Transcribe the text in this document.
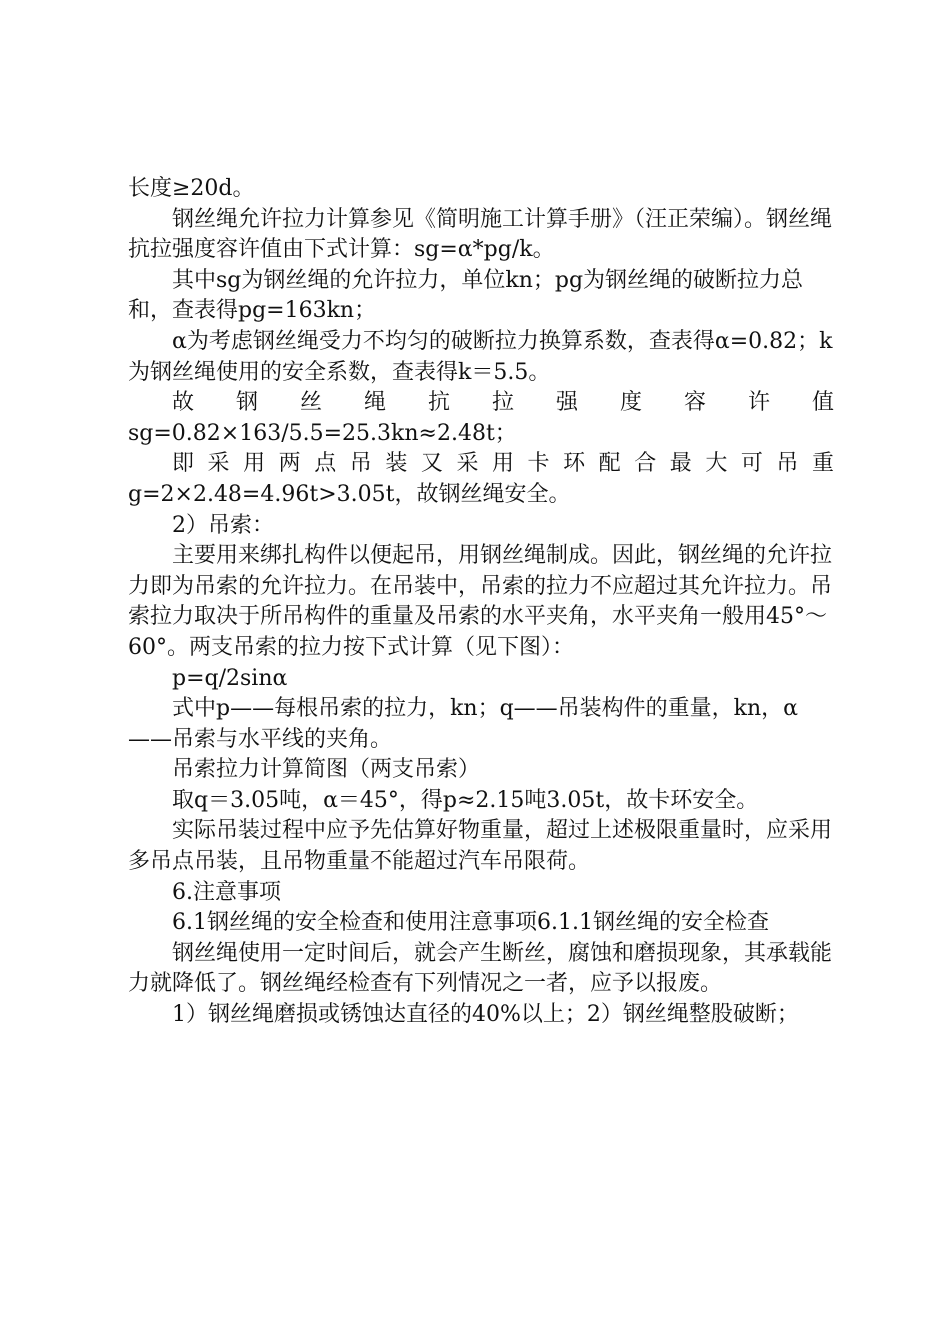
长度≥20d。

钢丝绳允许拉力计算参见《简明施工计算手册》（汪正荣编）。钢丝绳抗拉强度容许值由下式计算：sg=α*pg/k。

其中sg为钢丝绳的允许拉力，单位kn；pg为钢丝绳的破断拉力总和，查表得pg=163kn；

α为考虑钢丝绳受力不均匀的破断拉力换算系数，查表得α=0.82；k为钢丝绳使用的安全系数，查表得k＝5.5。

故钢丝绳抗拉强度容许值

sg=0.82×163/5.5=25.3kn≈2.48t；

即采用两点吊装又采用卡环配合最大可吊重

g=2×2.48=4.96t>3.05t，故钢丝绳安全。

2）吊索：

主要用来绑扎构件以便起吊，用钢丝绳制成。因此，钢丝绳的允许拉力即为吊索的允许拉力。在吊装中，吊索的拉力不应超过其允许拉力。吊索拉力取决于所吊构件的重量及吊索的水平夹角，水平夹角一般用45°～60°。两支吊索的拉力按下式计算（见下图）：

p=q/2sinα

式中p——每根吊索的拉力，kn；q——吊装构件的重量，kn，α——吊索与水平线的夹角。

吊索拉力计算简图（两支吊索）

取q＝3.05吨，α＝45°，得p≈2.15吨3.05t，故卡环安全。

实际吊装过程中应予先估算好物重量，超过上述极限重量时，应采用多吊点吊装，且吊物重量不能超过汽车吊限荷。

6.注意事项

6.1钢丝绳的安全检查和使用注意事项6.1.1钢丝绳的安全检查

钢丝绳使用一定时间后，就会产生断丝，腐蚀和磨损现象，其承载能力就降低了。钢丝绳经检查有下列情况之一者，应予以报废。

1）钢丝绳磨损或锈蚀达直径的40%以上；2）钢丝绳整股破断；
